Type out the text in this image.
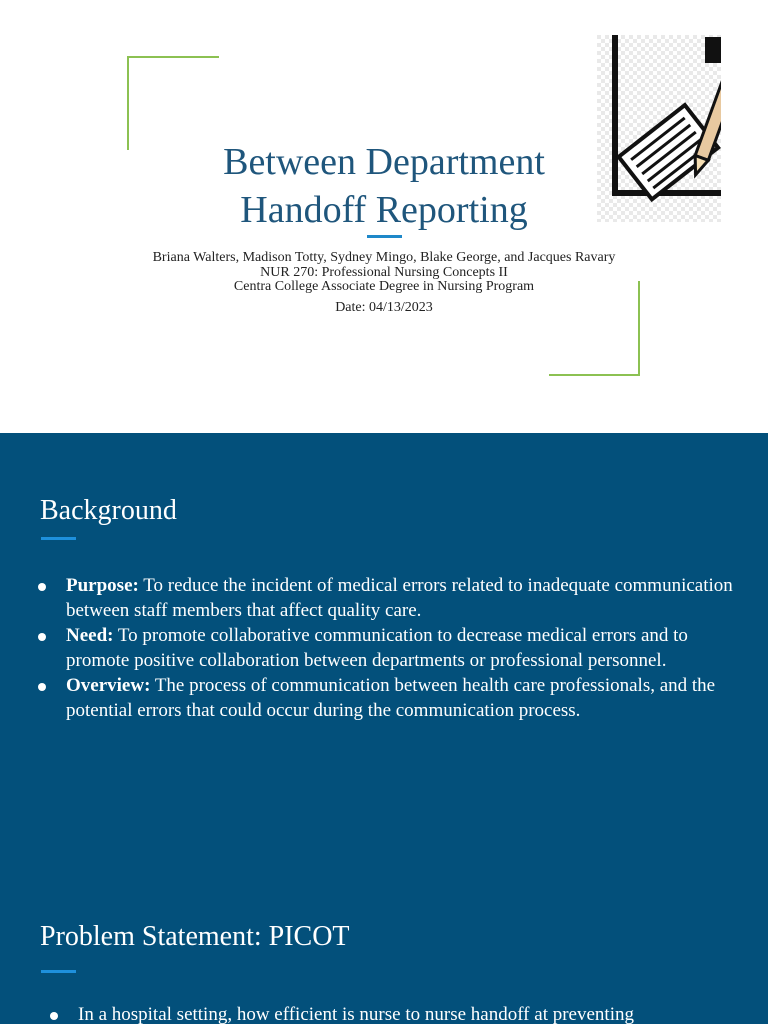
Between Department
Handoff Reporting
Briana Walters, Madison Totty, Sydney Mingo, Blake George, and Jacques Ravary
NUR 270: Professional Nursing Concepts II
Centra College Associate Degree in Nursing Program
Date: 04/13/2023
Background
Purpose: To reduce the incident of medical errors related to inadequate communication between staff members that affect quality care.
Need: To promote collaborative communication to decrease medical errors and to promote positive collaboration between departments or professional personnel.
Overview: The process of communication between health care professionals, and the potential errors that could occur during the communication process.
Problem Statement: PICOT
In a hospital setting, how efficient is nurse to nurse handoff at preventing
